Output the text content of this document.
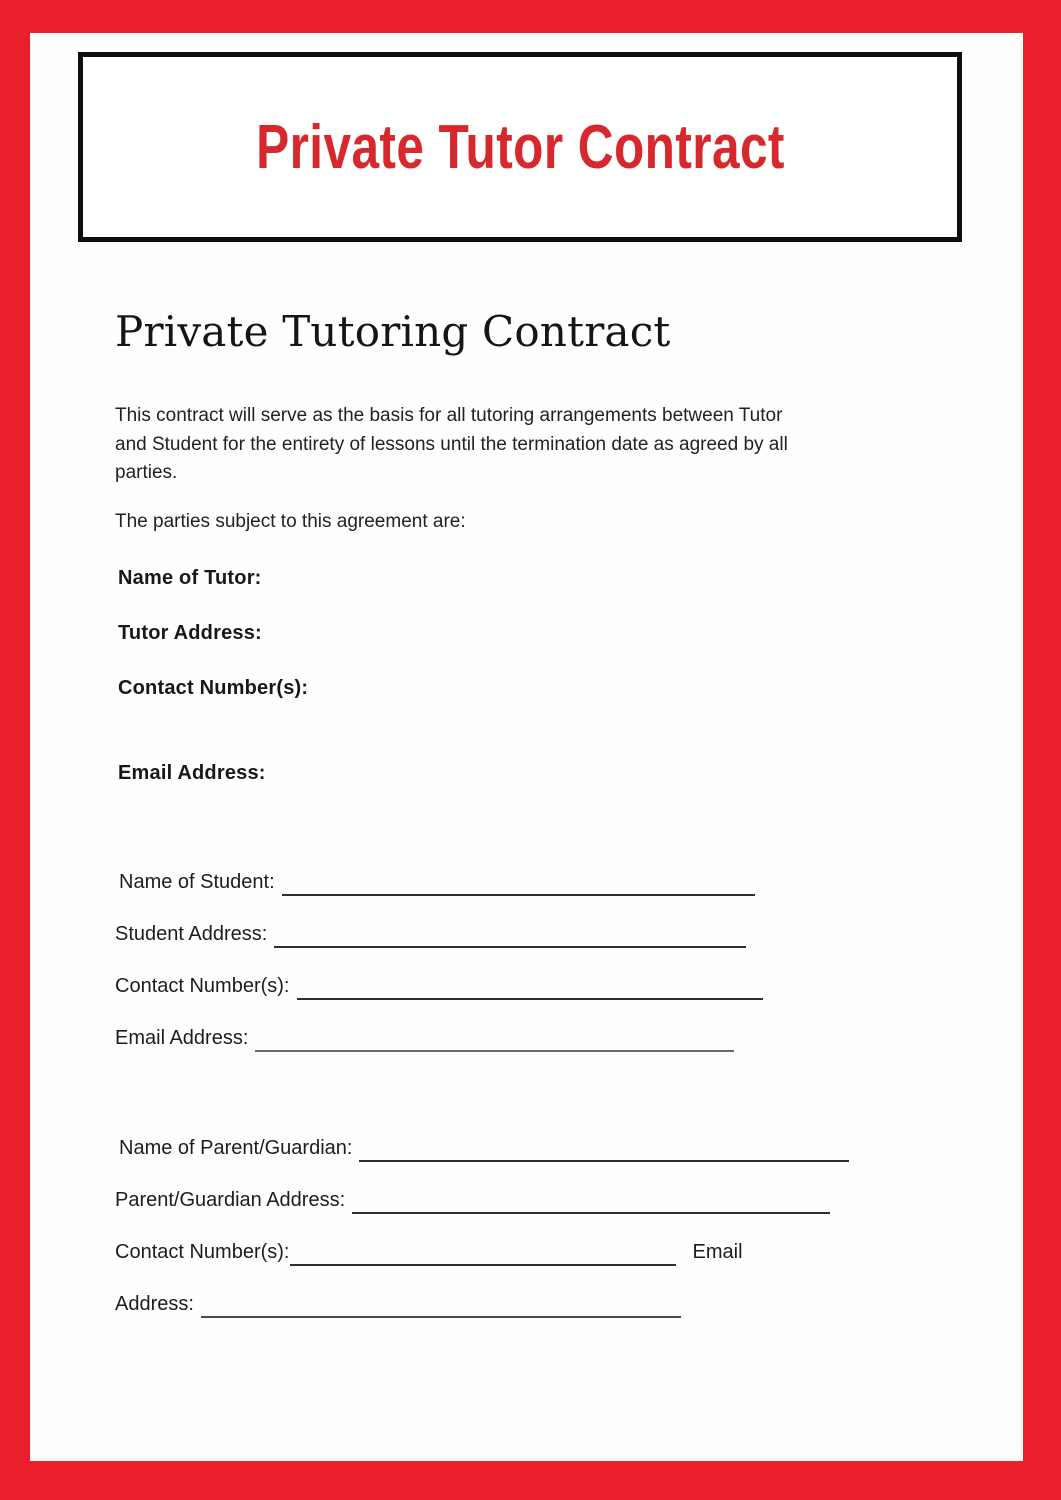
Private Tutor Contract
Private Tutoring Contract
This contract will serve as the basis for all tutoring arrangements between Tutor
and Student for the entirety of lessons until the termination date as agreed by all
parties.
The parties subject to this agreement are:
Name of Tutor:
Tutor Address:
Contact Number(s):
Email Address:
Name of Student:
Student Address:
Contact Number(s):
Email Address:
Name of Parent/Guardian:
Parent/Guardian Address:
Contact Number(s):	Email
Address:
